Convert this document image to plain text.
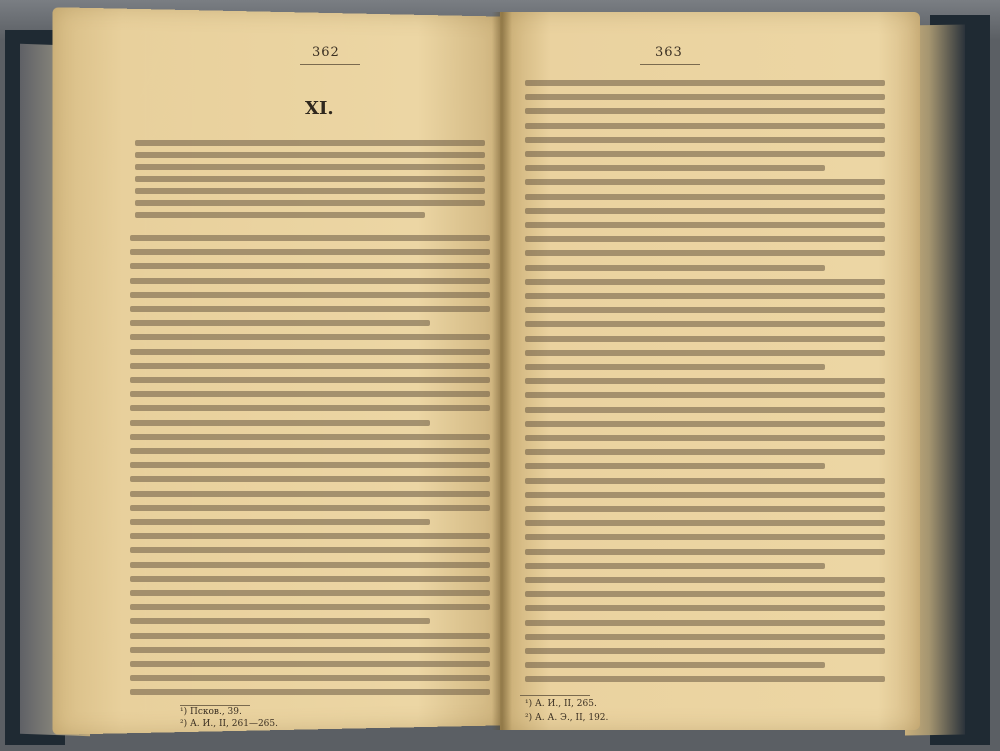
362	363
XI.
¹) Псков., 39.
²) А. И., II, 261—265.
¹) А. И., II, 265.
²) А. А. Э., II, 192.
